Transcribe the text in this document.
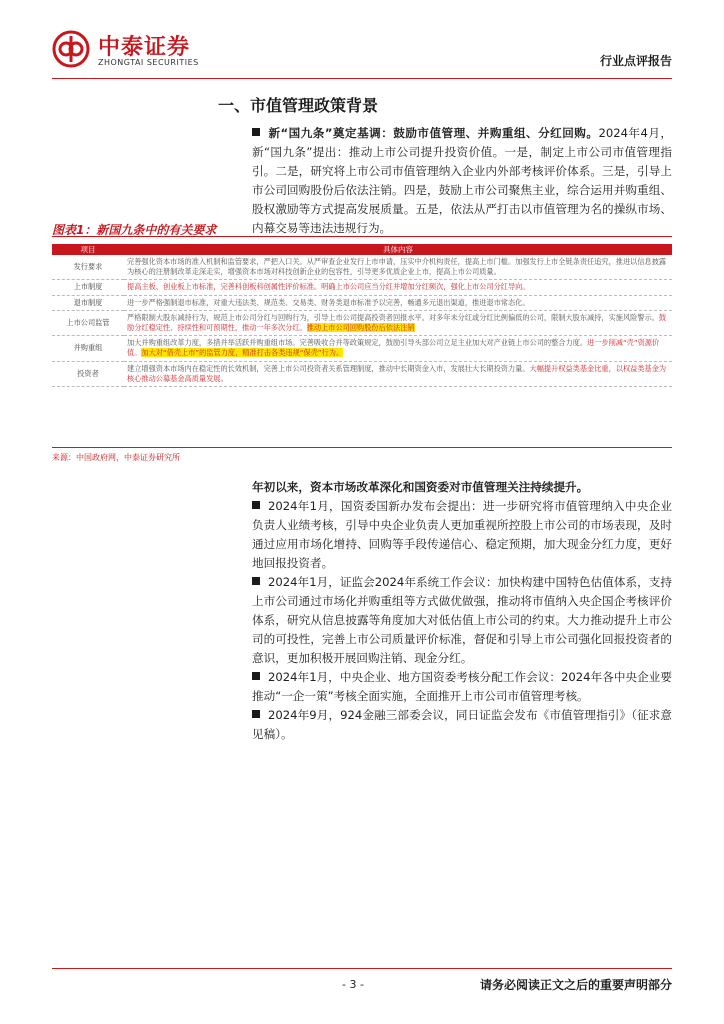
中泰证券
ZHONGTAI SECURITIES	行业点评报告
一、市值管理政策背景
新“国九条”奠定基调：鼓励市值管理、并购重组、分红回购。2024年4月，新“国九条”提出：推动上市公司提升投资价值。一是，制定上市公司市值管理指引。二是，研究将上市公司市值管理纳入企业内外部考核评价体系。三是，引导上市公司回购股份后依法注销。四是，鼓励上市公司聚焦主业，综合运用并购重组、股权激励等方式提高发展质量。五是，依法从严打击以市值管理为名的操纵市场、内幕交易等违法违规行为。
图表1：新国九条中的有关要求
项目	具体内容
发行要求	完善强化资本市场的准入机制和监管要求，严把入口关。从严审查企业发行上市申请，压实中介机构责任，提高上市门槛。加强发行上市全链条责任追究，推进以信息披露为核心的注册制改革走深走实，增强资本市场对科技创新企业的包容性，引导更多优质企业上市，提高上市公司质量。
上市制度	提高主板、创业板上市标准，完善科创板科创属性评价标准。明确上市公司应当分红并增加分红频次，强化上市公司分红导向。
退市制度	进一步严格强制退市标准，对重大违法类、规范类、交易类、财务类退市标准予以完善，畅通多元退出渠道，推进退市常态化。
上市公司监管	严格限制大股东减持行为，规范上市公司分红与回购行为，引导上市公司提高投资者回报水平。对多年未分红或分红比例偏低的公司，限制大股东减持，实施风险警示。鼓励分红稳定性、持续性和可预期性，推动一年多次分红。推动上市公司回购股份后依法注销
并购重组	加大并购重组改革力度，多措并举活跃并购重组市场。完善吸收合并等政策规定，鼓励引导头部公司立足主业加大对产业链上市公司的整合力度。进一步削减“壳”资源价值。加大对“借壳上市”的监管力度，精准打击各类违规“保壳”行为。
投资者	建立增强资本市场内在稳定性的长效机制，完善上市公司投资者关系管理制度，推动中长期资金入市，发展壮大长期投资力量。大幅提升权益类基金比重，以权益类基金为核心推动公募基金高质量发展。
来源：中国政府网，中泰证券研究所
年初以来，资本市场改革深化和国资委对市值管理关注持续提升。
2024年1月，国资委国新办发布会提出：进一步研究将市值管理纳入中央企业负责人业绩考核，引导中央企业负责人更加重视所控股上市公司的市场表现，及时通过应用市场化增持、回购等手段传递信心、稳定预期，加大现金分红力度，更好地回报投资者。
2024年1月，证监会2024年系统工作会议：加快构建中国特色估值体系，支持上市公司通过市场化并购重组等方式做优做强，推动将市值纳入央企国企考核评价体系，研究从信息披露等角度加大对低估值上市公司的约束。大力推动提升上市公司的可投性，完善上市公司质量评价标准，督促和引导上市公司强化回报投资者的意识，更加积极开展回购注销、现金分红。
2024年1月，中央企业、地方国资委考核分配工作会议：2024年各中央企业要推动“一企一策”考核全面实施，全面推开上市公司市值管理考核。
2024年9月，924金融三部委会议，同日证监会发布《市值管理指引》（征求意见稿）。
- 3 -	请务必阅读正文之后的重要声明部分
